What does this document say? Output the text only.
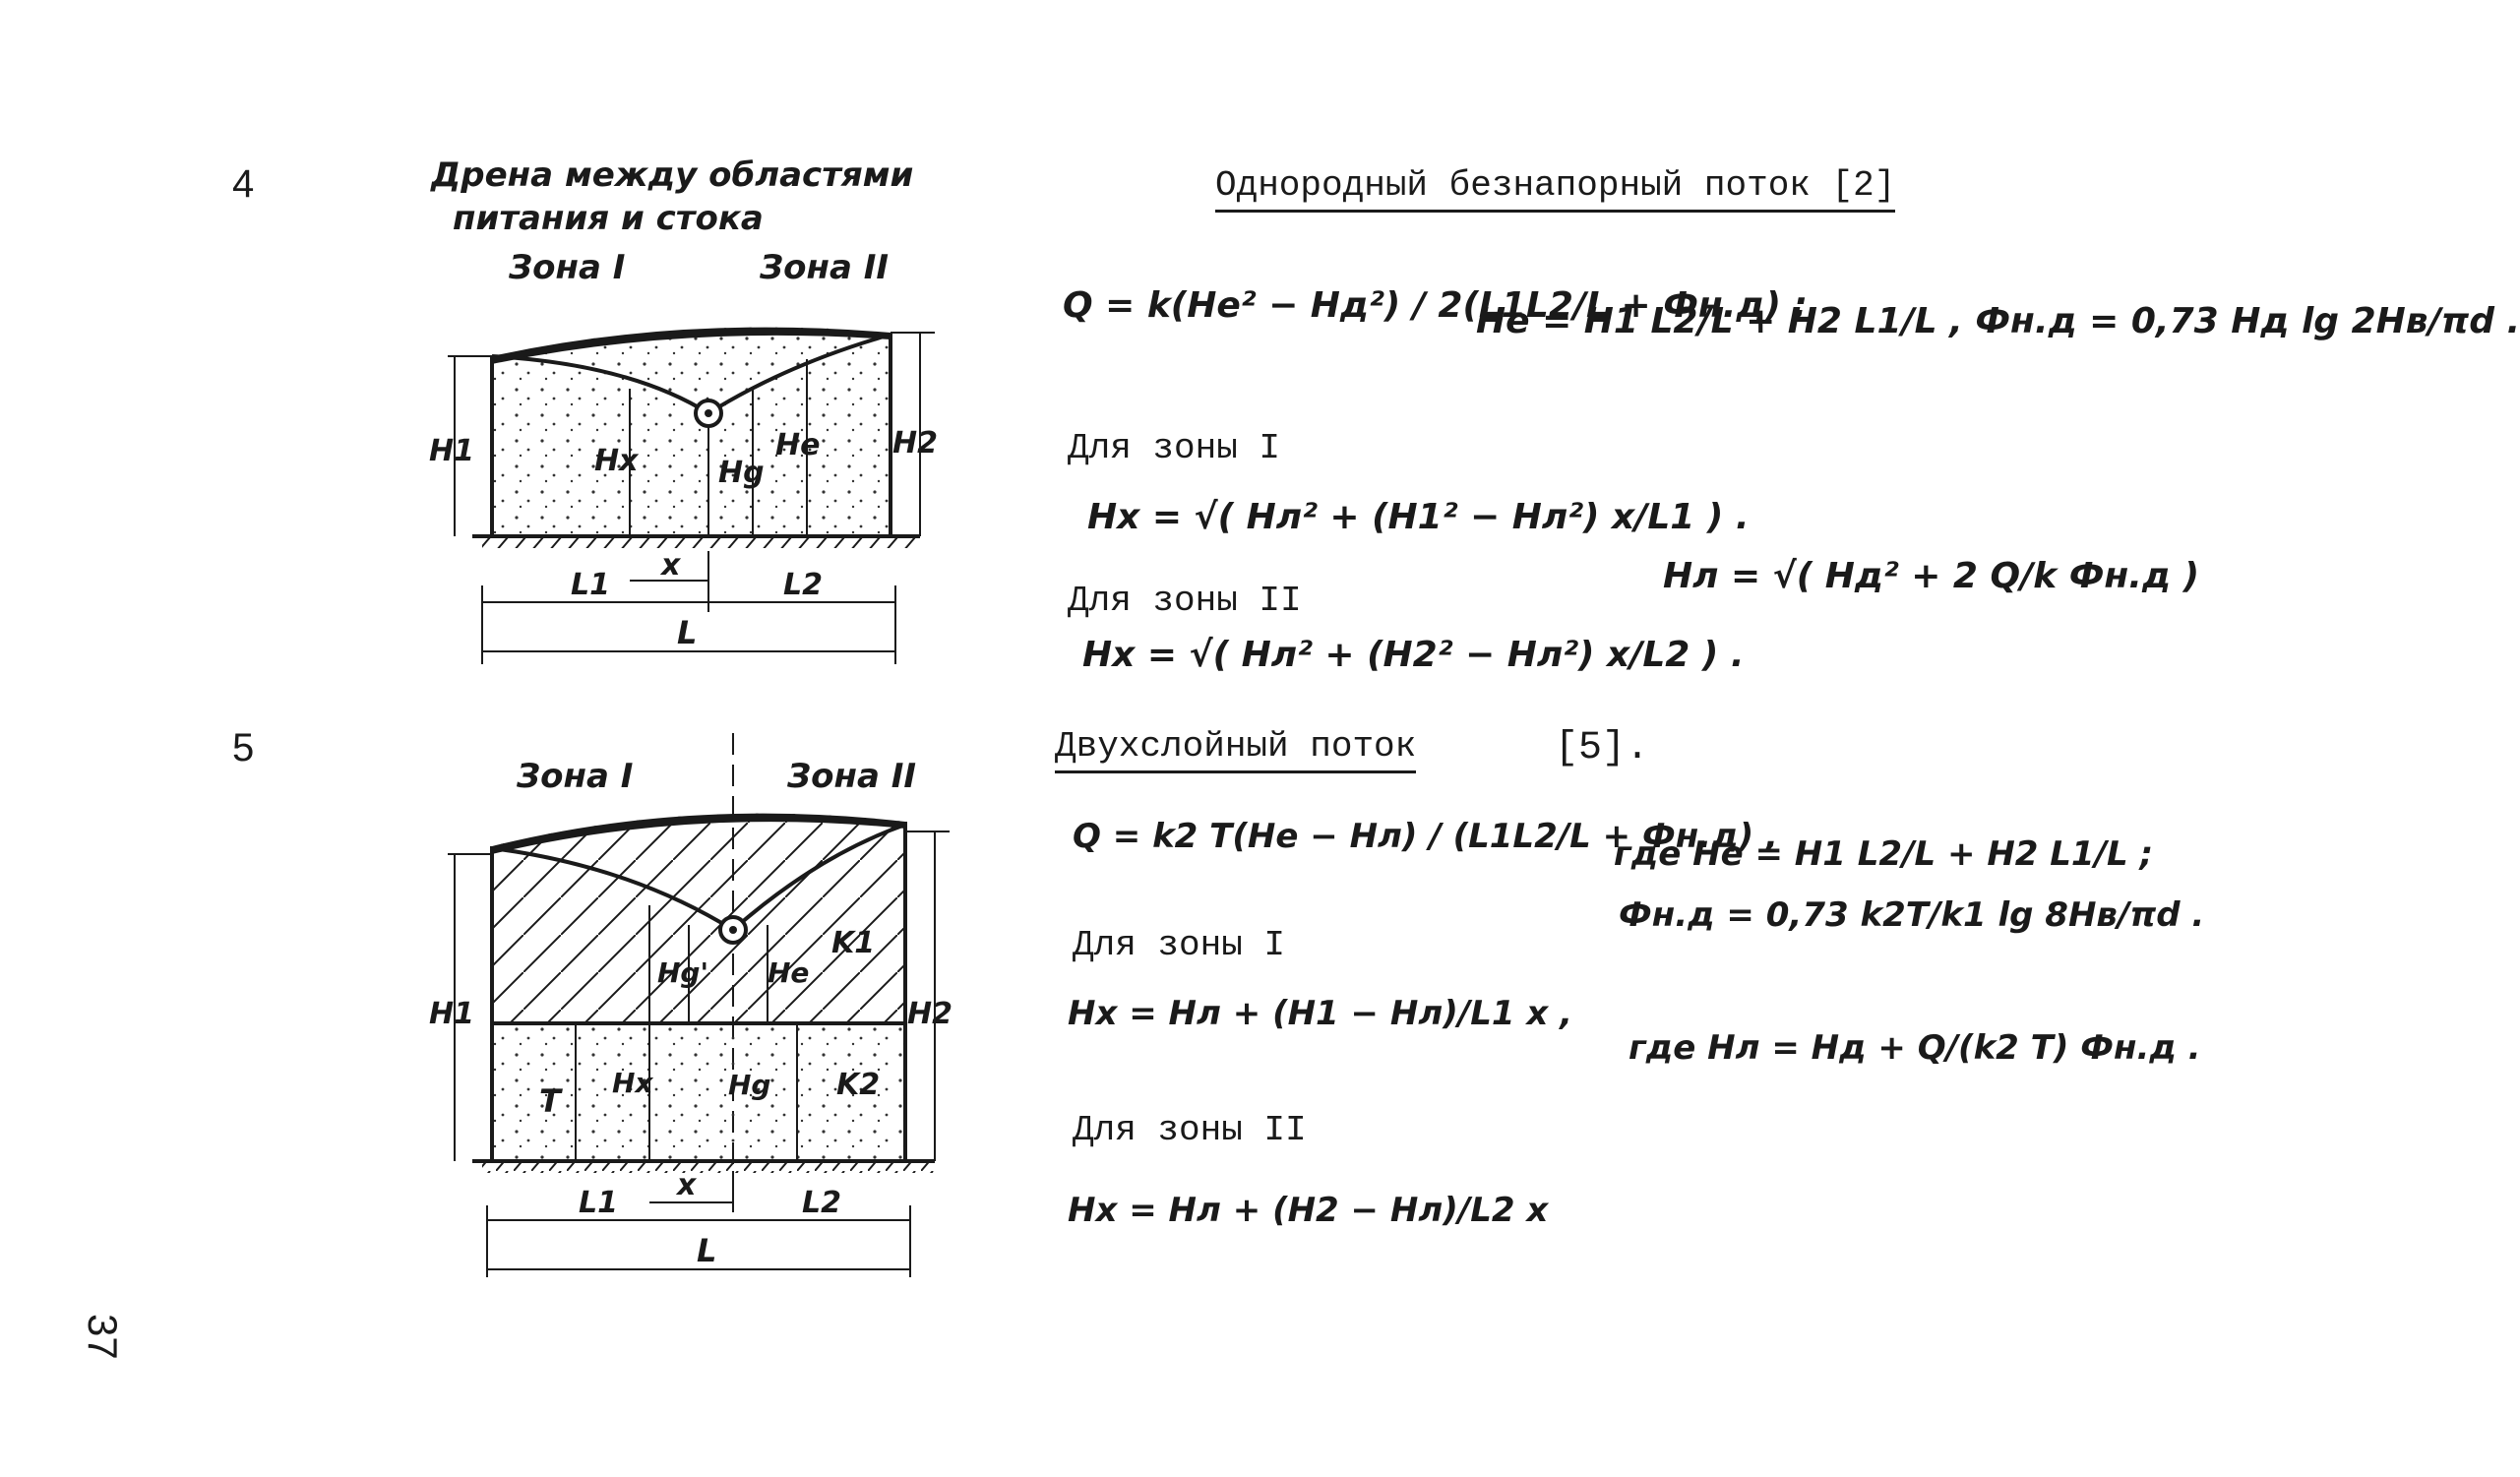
4	Дрена между областями
питания и стока
Зона I	Зона II
H1	H2
Hx	Hg
He
x
L1	L2
L
Однородный безнапорный поток [2]
Q = k(He² − Hд²) / 2(L1L2/L + Фн.д) ;
He = H1 L2/L + H2 L1/L , Фн.д = 0,73 Hд lg 2Hв/πd .
Для зоны I
Hx = √( Hл² + (H1² − Hл²) x/L1 ) .
Hл = √( Hд² + 2 Q/k Фн.д )
Для зоны II
Hx = √( Hл² + (H2² − Hл²) x/L2 ) .
5
Зона I	Зона II
H1	H2
Hg' He
K1
T Hx	Hg K2
x
L1	L2
L
Двухслойный поток	[5].
Q = k2 T(He − Hл) / (L1L2/L + Фн.д) ,
где He = H1 L2/L + H2 L1/L ;
Фн.д = 0,73 k2T/k1 lg 8Hв/πd .
Для зоны I
Hx = Hл + (H1 − Hл)/L1 x ,
где Hл = Hд + Q/(k2 T) Фн.д .
Для зоны II
Hx = Hл + (H2 − Hл)/L2 x
37
